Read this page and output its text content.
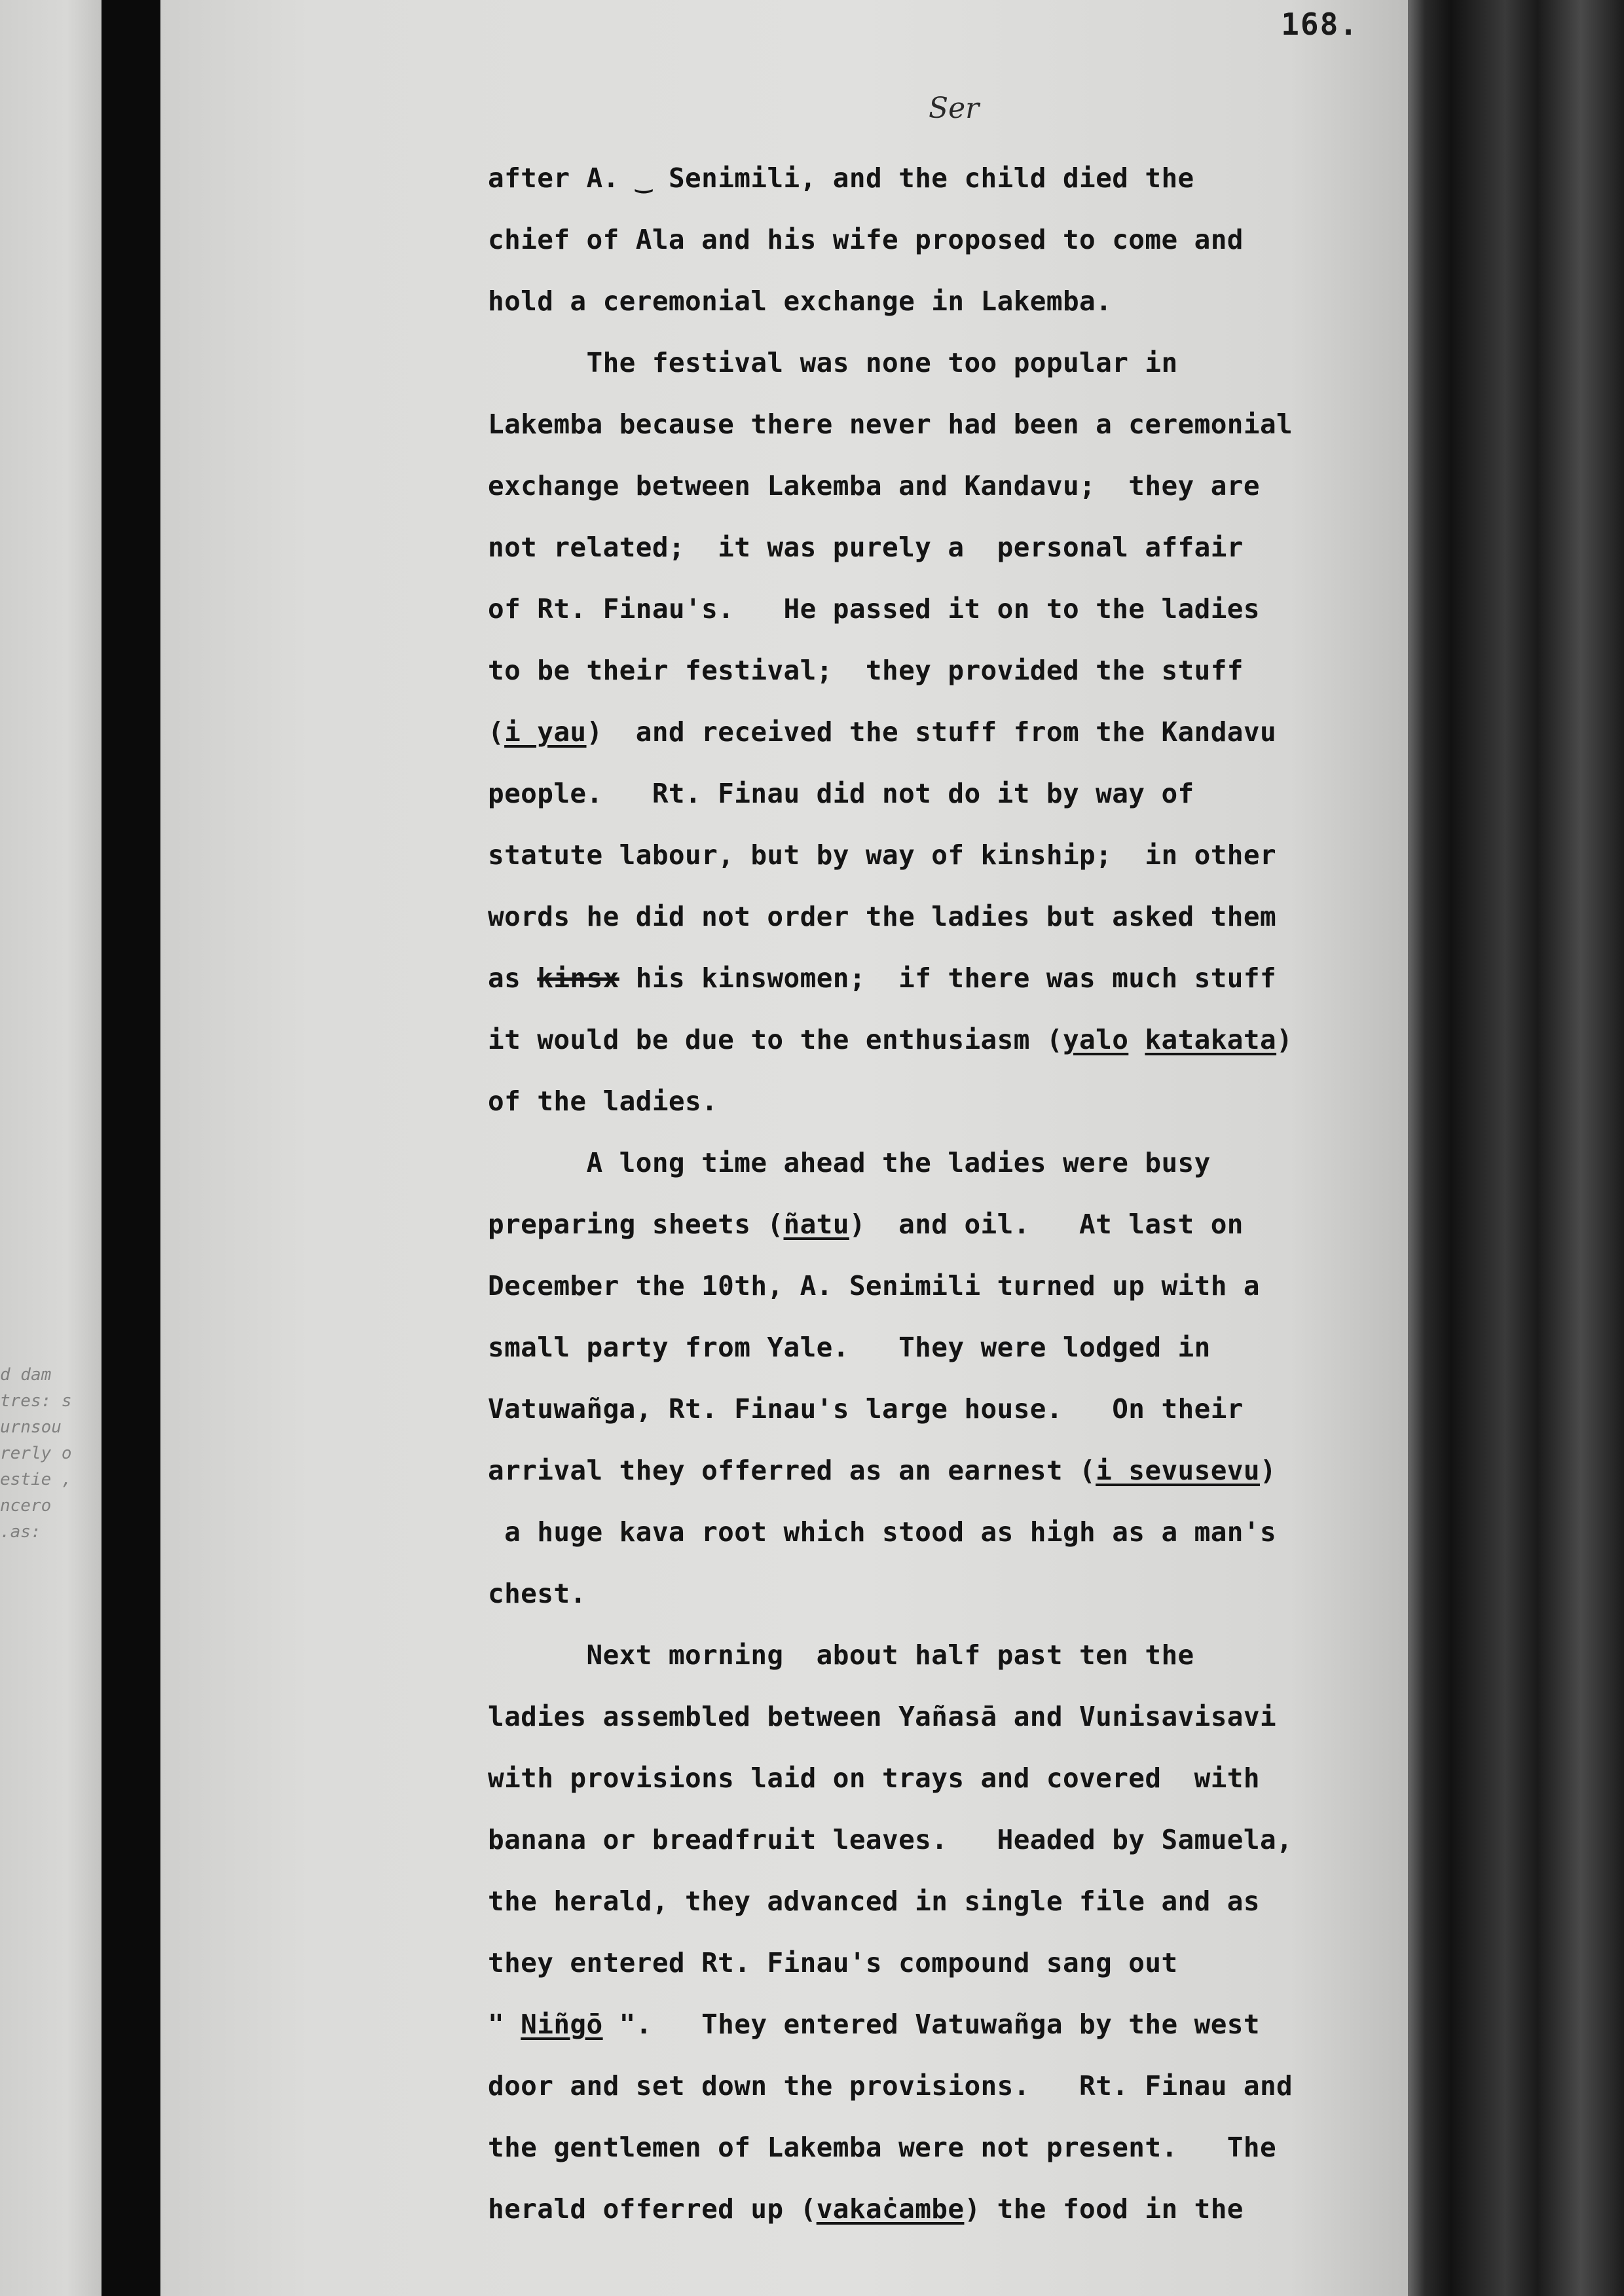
d dam
tres: s
urnsou
rerly o
estie ,
ncero
.as:
168.
Ser
after A. ‿ Senimili, and the child died the
chief of Ala and his wife proposed to come and
hold a ceremonial exchange in Lakemba.
The festival was none too popular in
Lakemba because there never had been a ceremonial
exchange between Lakemba and Kandavu;  they are
not related;  it was purely a  personal affair
of Rt. Finau's.   He passed it on to the ladies
to be their festival;  they provided the stuff
(i yau)  and received the stuff from the Kandavu
people.   Rt. Finau did not do it by way of
statute labour, but by way of kinship;  in other
words he did not order the ladies but asked them
as kinsx his kinswomen;  if there was much stuff
it would be due to the enthusiasm (yalo katakata)
of the ladies.
A long time ahead the ladies were busy
preparing sheets (ñatu)  and oil.   At last on
December the 10th, A. Senimili turned up with a
small party from Yale.   They were lodged in
Vatuwañga, Rt. Finau's large house.   On their
arrival they offerred as an earnest (i sevusevu)
a huge kava root which stood as high as a man's
chest.
Next morning  about half past ten the
ladies assembled between Yañasā and Vunisavisavi
with provisions laid on trays and covered  with
banana or breadfruit leaves.   Headed by Samuela,
the herald, they advanced in single file and as
they entered Rt. Finau's compound sang out
" Niñgō ".   They entered Vatuwañga by the west
door and set down the provisions.   Rt. Finau and
the gentlemen of Lakemba were not present.   The
herald offerred up (vakaċambe) the food in the
